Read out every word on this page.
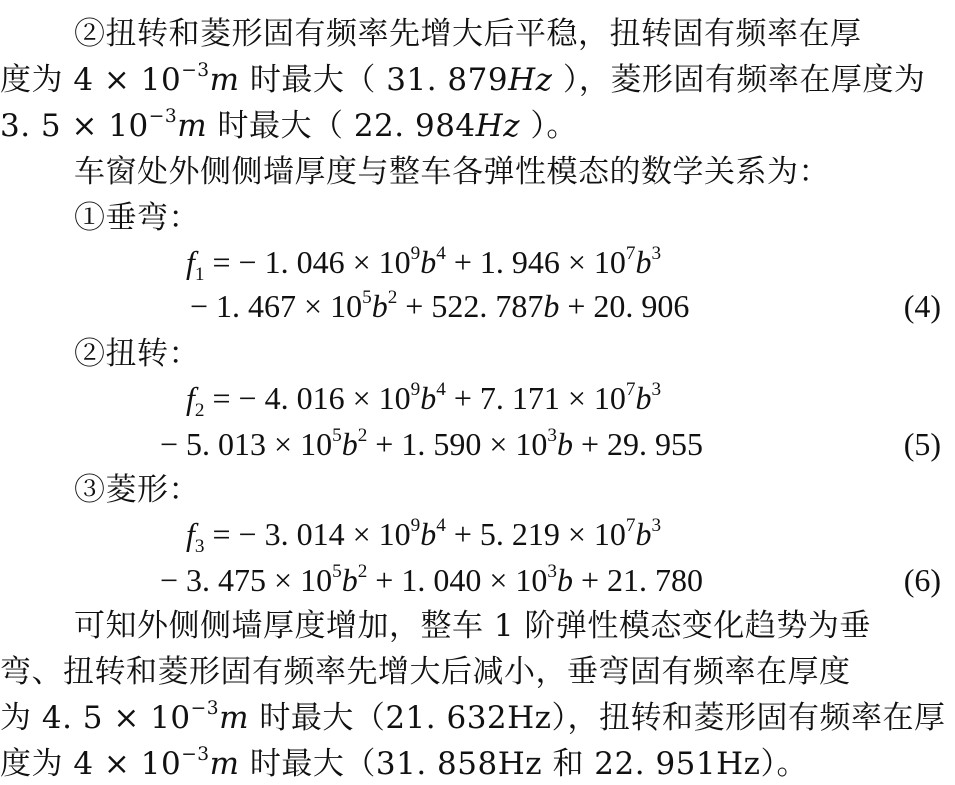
②扭转和菱形固有频率先增大后平稳，扭转固有频率在厚
度为 $4 \times 10^{-3}m$ 时最大（ 31. 879Hz ），菱形固有频率在厚度为
3. $5 \times 10^{-3}m$ 时最大（ 22. 984Hz ）。
车窗处外侧侧墙厚度与整车各弹性模态的数学关系为：
①垂弯：
$f_1$ = − 1. $046 \times 10^9b^4 + 1$. $946 \times 10^7b^3$
− 1. $467 \times 10^5b^2 + 522$. 787b + 20. 906	(4)
②扭转：
$f_2$ = − 4. $016 \times 10^9b^4 + 7$. $171 \times 10^7b^3$
− 5. $013 \times 10^5b^2 + 1$. $590 \times 10^3b + 29$. 955	(5)
③菱形：
$f_3$ = − 3. $014 \times 10^9b^4 + 5$. $219 \times 10^7b^3$
− 3. $475 \times 10^5b^2 + 1$. $040 \times 10^3b + 21$. 780	(6)
可知外侧侧墙厚度增加，整车 1 阶弹性模态变化趋势为垂
弯、扭转和菱形固有频率先增大后减小，垂弯固有频率在厚度
为 4. $5 \times 10^{-3}m$ 时最大（21. 632Hz），扭转和菱形固有频率在厚
度为 $4 \times 10^{-3}m$ 时最大（31. 858Hz 和 22. 951Hz）。
